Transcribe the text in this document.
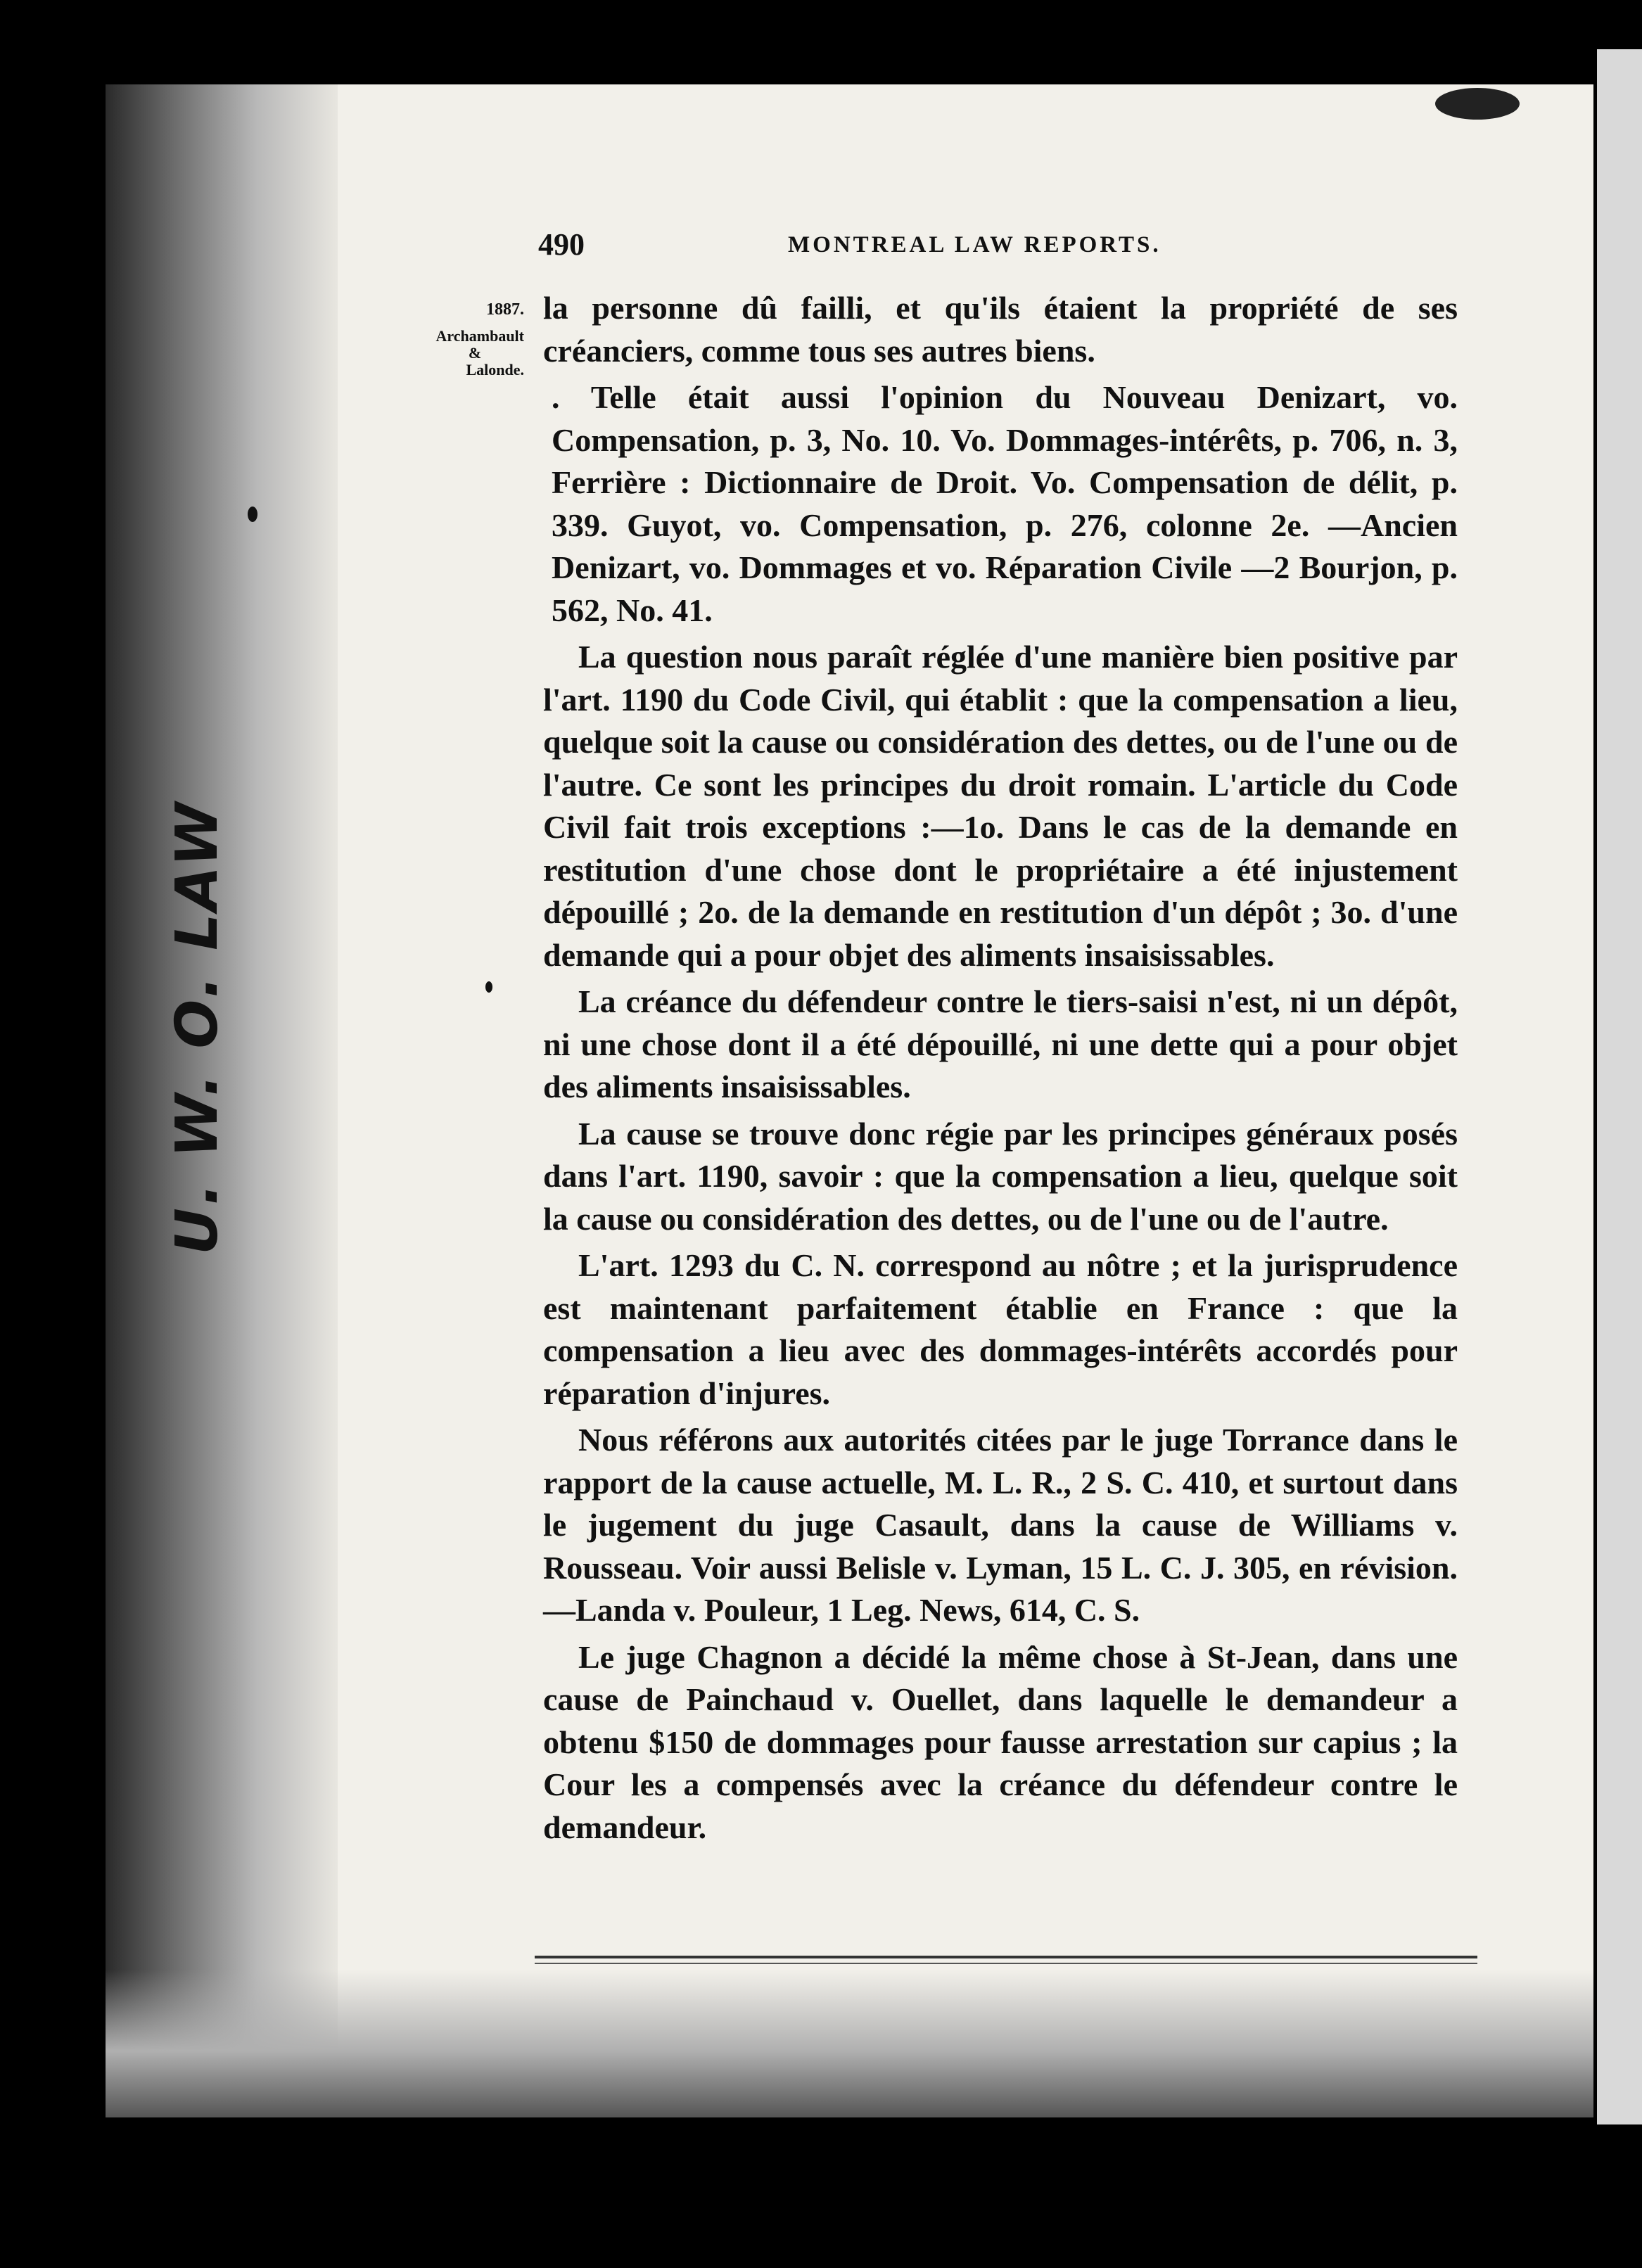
U. W. O. LAW
490	MONTREAL LAW REPORTS.
1887.
Archambault
&
Lalonde.

la personne dû failli, et qu'ils étaient la propriété de ses créanciers, comme tous ses autres biens.

. Telle était aussi l'opinion du Nouveau Denizart, vo. Compensation, p. 3, No. 10. Vo. Dommages-intérêts, p. 706, n. 3, Ferrière : Dictionnaire de Droit. Vo. Compensation de délit, p. 339. Guyot, vo. Compensation, p. 276, colonne 2e. —Ancien Denizart, vo. Dommages et vo. Réparation Civile —2 Bourjon, p. 562, No. 41.

La question nous paraît réglée d'une manière bien positive par l'art. 1190 du Code Civil, qui établit : que la compensation a lieu, quelque soit la cause ou considération des dettes, ou de l'une ou de l'autre. Ce sont les principes du droit romain. L'article du Code Civil fait trois exceptions :—1o. Dans le cas de la demande en restitution d'une chose dont le propriétaire a été injustement dépouillé ; 2o. de la demande en restitution d'un dépôt ; 3o. d'une demande qui a pour objet des aliments insaisissables.

La créance du défendeur contre le tiers-saisi n'est, ni un dépôt, ni une chose dont il a été dépouillé, ni une dette qui a pour objet des aliments insaisissables.

La cause se trouve donc régie par les principes généraux posés dans l'art. 1190, savoir : que la compensation a lieu, quelque soit la cause ou considération des dettes, ou de l'une ou de l'autre.

L'art. 1293 du C. N. correspond au nôtre ; et la jurisprudence est maintenant parfaitement établie en France : que la compensation a lieu avec des dommages-intérêts accordés pour réparation d'injures.

Nous référons aux autorités citées par le juge Torrance dans le rapport de la cause actuelle, M. L. R., 2 S. C. 410, et surtout dans le jugement du juge Casault, dans la cause de Williams v. Rousseau. Voir aussi Belisle v. Lyman, 15 L. C. J. 305, en révision.—Landa v. Pouleur, 1 Leg. News, 614, C. S.

Le juge Chagnon a décidé la même chose à St-Jean, dans une cause de Painchaud v. Ouellet, dans laquelle le demandeur a obtenu $150 de dommages pour fausse arrestation sur capius ; la Cour les a compensés avec la créance du défendeur contre le demandeur.
